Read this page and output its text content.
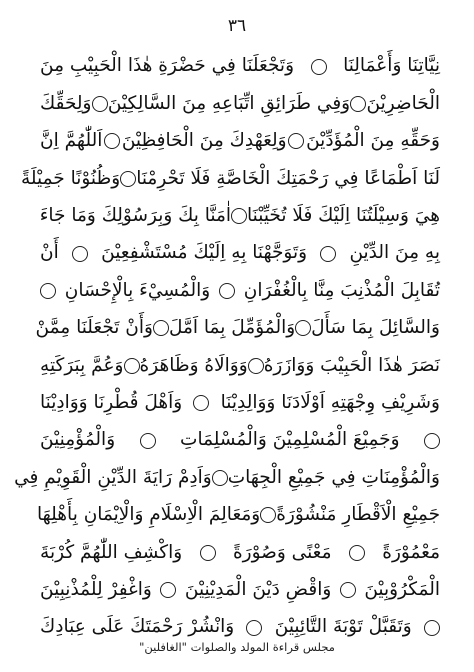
٣٦
نِيَّاتِنَا وَأَعْمَالِنَا
وَتَجْعَلَنَا فِي حَضْرَةِ هٰذَا الْحَبِيْبِ مِنَ
الْحَاضِرِيْنَ
وَفِي طَرَائِقِ اتِّبَاعِهِ مِنَ السَّالِكِيْنَ
وَلِحَقِّكَ
وَحَقِّهِ مِنَ الْمُؤَدِّيْنَ
وَلِعَهْدِكَ مِنَ الْحَافِظِيْنَ
اَللّٰهُمَّ اِنَّ
لَنَا اَطْمَاعًا فِي رَحْمَتِكَ الْخَاصَّةِ فَلَا تَحْرِمْنَا
وَظُنُوْنًا جَمِيْلَةً
هِيَ وَسِيْلَتُنَا اِلَيْكَ فَلَا تُخَيِّبْنَا
اٰمَنَّا بِكَ وَبِرَسُوْلِكَ وَمَا جَاءَ
بِهِ مِنَ الدِّيْنِ
وَتَوَجَّهْنَا بِهِ اِلَيْكَ مُسْتَشْفِعِيْنَ
أَنْ
تُقَابِلَ الْمُذْنِبَ مِنَّا بِالْغُفْرَانِ
وَالْمُسِيْءَ بِالْإِحْسَانِ
وَالسَّائِلَ بِمَا سَأَلَ
وَالْمُؤَمِّلَ بِمَا اَمَّلَ
وَأَنْ تَجْعَلَنَا مِمَّنْ
نَصَرَ هٰذَا الْحَبِيْبَ وَوَازَرَهُ
وَوَالَاهُ وَظَاهَرَهُ
وَعُمَّ بِبَرَكَتِهِ
وَشَرِيْفِ وِجْهَتِهِ اَوْلَادَنَا وَوَالِدِيْنَا
وَاَهْلَ قُطْرِنَا وَوَادِيْنَا
وَجَمِيْعَ الْمُسْلِمِيْنَ وَالْمُسْلِمَاتِ
وَالْمُؤْمِنِيْنَ
وَالْمُؤْمِنَاتِ فِي جَمِيْعِ الْجِهَاتِ
وَاَدِمْ رَايَةَ الدِّيْنِ الْقَوِيْمِ فِي
جَمِيْعِ الْاَقْطَارِ مَنْشُوْرَةً
وَمَعَالِمَ الْاِسْلَامِ وَالْاِيْمَانِ بِأَهْلِهَا
مَعْمُوْرَةً
مَعْنًى وَصُوْرَةً
وَاكْشِفِ اللّٰهُمَّ كُرْبَةَ
الْمَكْرُوْبِيْنَ
وَاقْضِ دَيْنَ الْمَدِيْنِيْنَ
وَاغْفِرْ لِلْمُذْنِبِيْنَ
وَتَقَبَّلْ تَوْبَةَ التَّائِبِيْنَ
وَانْشُرْ رَحْمَتَكَ عَلَى عِبَادِكَ
مجلس قراءة المولد والصلوات "الغافلين"
